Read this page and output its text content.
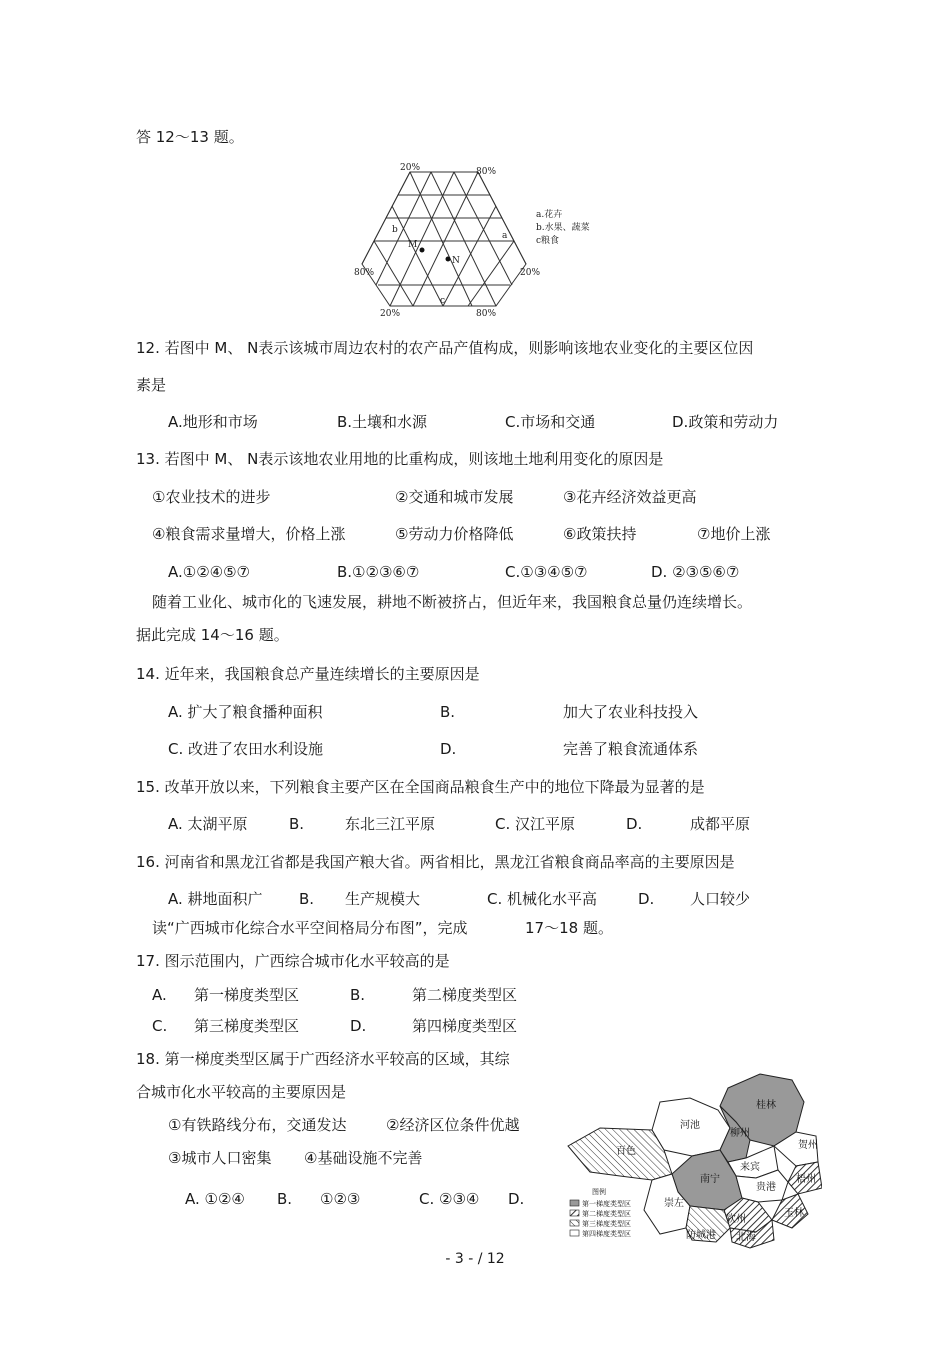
答 12～13 题。
20%	80%
80%	20%
20%	80%
b
a
c
M
N
a.花卉
b.水果、蔬菜
c粮食
12. 若图中 M、 N表示该城市周边农村的农产品产值构成，则影响该地农业变化的主要区位因
素是
A.地形和市场	B.土壤和水源	C.市场和交通	D.政策和劳动力
13. 若图中 M、 N表示该地农业用地的比重构成，则该地土地利用变化的原因是
①农业技术的进步	②交通和城市发展	③花卉经济效益更高
④粮食需求量增大，价格上涨	⑤劳动力价格降低	⑥政策扶持	⑦地价上涨
A.①②④⑤⑦	B.①②③⑥⑦	C.①③④⑤⑦	D. ②③⑤⑥⑦
随着工业化、城市化的飞速发展，耕地不断被挤占，但近年来，我国粮食总量仍连续增长。
据此完成 14～16 题。
14. 近年来，我国粮食总产量连续增长的主要原因是
A. 扩大了粮食播种面积	B.	加大了农业科技投入
C. 改进了农田水利设施	D.	完善了粮食流通体系
15. 改革开放以来，下列粮食主要产区在全国商品粮食生产中的地位下降最为显著的是
A. 太湖平原	B.	东北三江平原	C. 汉江平原	D.	成都平原
16. 河南省和黑龙江省都是我国产粮大省。两省相比，黑龙江省粮食商品率高的主要原因是
A. 耕地面积广 B. 生产规模大	C. 机械化水平高	D. 人口较少
读“广西城市化综合水平空间格局分布图”，完成	17～18 题。
17. 图示范围内，广西综合城市化水平较高的是
A. 第一梯度类型区	B.	第二梯度类型区
C. 第三梯度类型区	D.	第四梯度类型区
18. 第一梯度类型区属于广西经济水平较高的区域，其综
合城市化水平较高的主要原因是
①有铁路线分布，交通发达	②经济区位条件优越
③城市人口密集 ④基础设施不完善
A. ①②④ B. ①②③	C. ②③④ D.
桂林
河池
柳州
贺州
百色
来宾
梧州
南宁
贵港
崇左
钦州
玉林
防城港 北海
图例
第一梯度类型区
第二梯度类型区
第三梯度类型区
第四梯度类型区
- 3 - / 12
